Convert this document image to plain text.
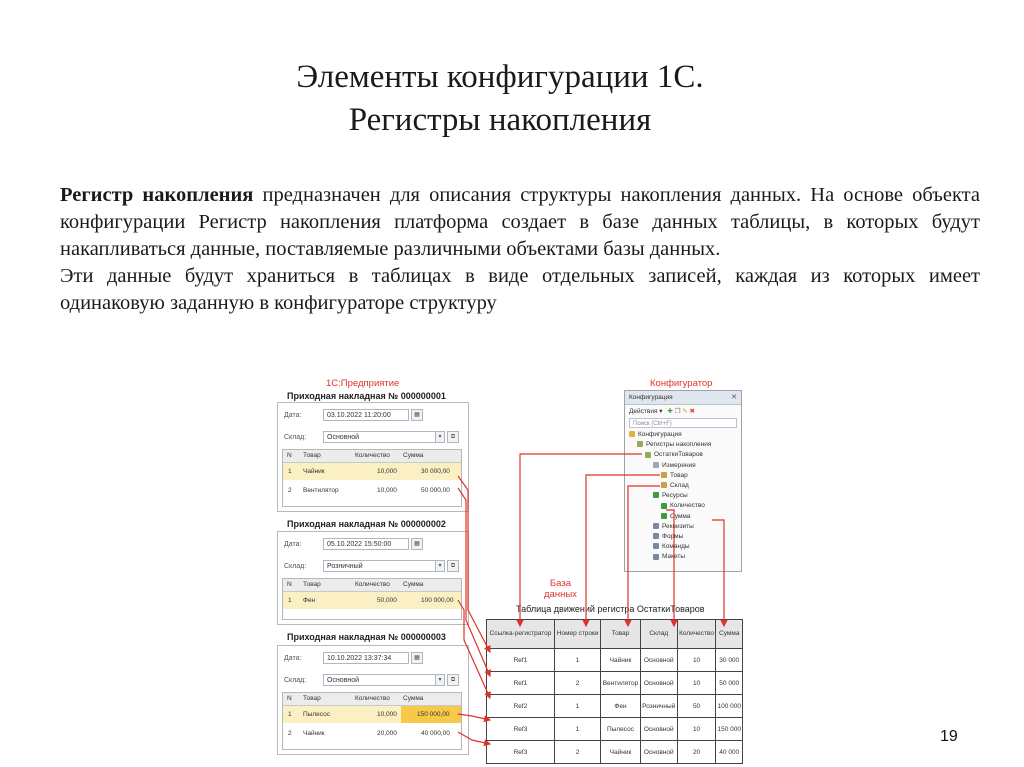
Элементы конфигурации 1С.
Регистры накопления

Регистр накопления предназначен для описания структуры накопления данных. На основе объекта конфигурации Регистр накопления платформа создает в базе данных таблицы, в которых будут накапливаться данные, поставляемые различными объектами базы данных.

Эти данные будут храниться в таблицах в виде отдельных записей, каждая из которых имеет одинаковую заданную в конфигураторе структуру

1С:Предприятие	Конфигуратор
База
данных
Приходная накладная № 000000001
Дата:	03.10.2022 11:20:00	▦
Склад:	Основной	▾	⧉
N Товар	Количество Сумма
1 Чайник	10,000	30 000,00
2 Вентилятор	10,000	50 000,00
Приходная накладная № 000000002
Дата:	05.10.2022 15:50:00	▦
Склад:	Розничный	▾	⧉
N Товар	Количество Сумма
1 Фен	50,000	100 000,00
Приходная накладная № 000000003
Дата:	10.10.2022 13:37:34	▦
Склад:	Основной	▾	⧉
N Товар	Количество Сумма
1 Пылесос	10,000	150 000,00
2 Чайник	20,000	40 000,00
Конфигурация	✕
Действия ▾ ✚ ❐ ✎ ✖
Поиск (Ctrl+F)
Конфигурация
Регистры накопления
ОстаткиТоваров
Измерения
Товар
Склад
Ресурсы
Количество
Сумма
Реквизиты
Формы
Команды
Макеты
Таблица движений регистра ОстаткиТоваров
Ссылка-регистратор	Номер строки	Товар	Склад	Количество	Сумма
Ref1	1	Чайник	Основной	10	30 000
Ref1	2	Вентилятор	Основной	10	50 000
Ref2	1	Фен	Розничный	50	100 000
Ref3	1	Пылесос	Основной	10	150 000
Ref3	2	Чайник	Основной	20	40 000
19
